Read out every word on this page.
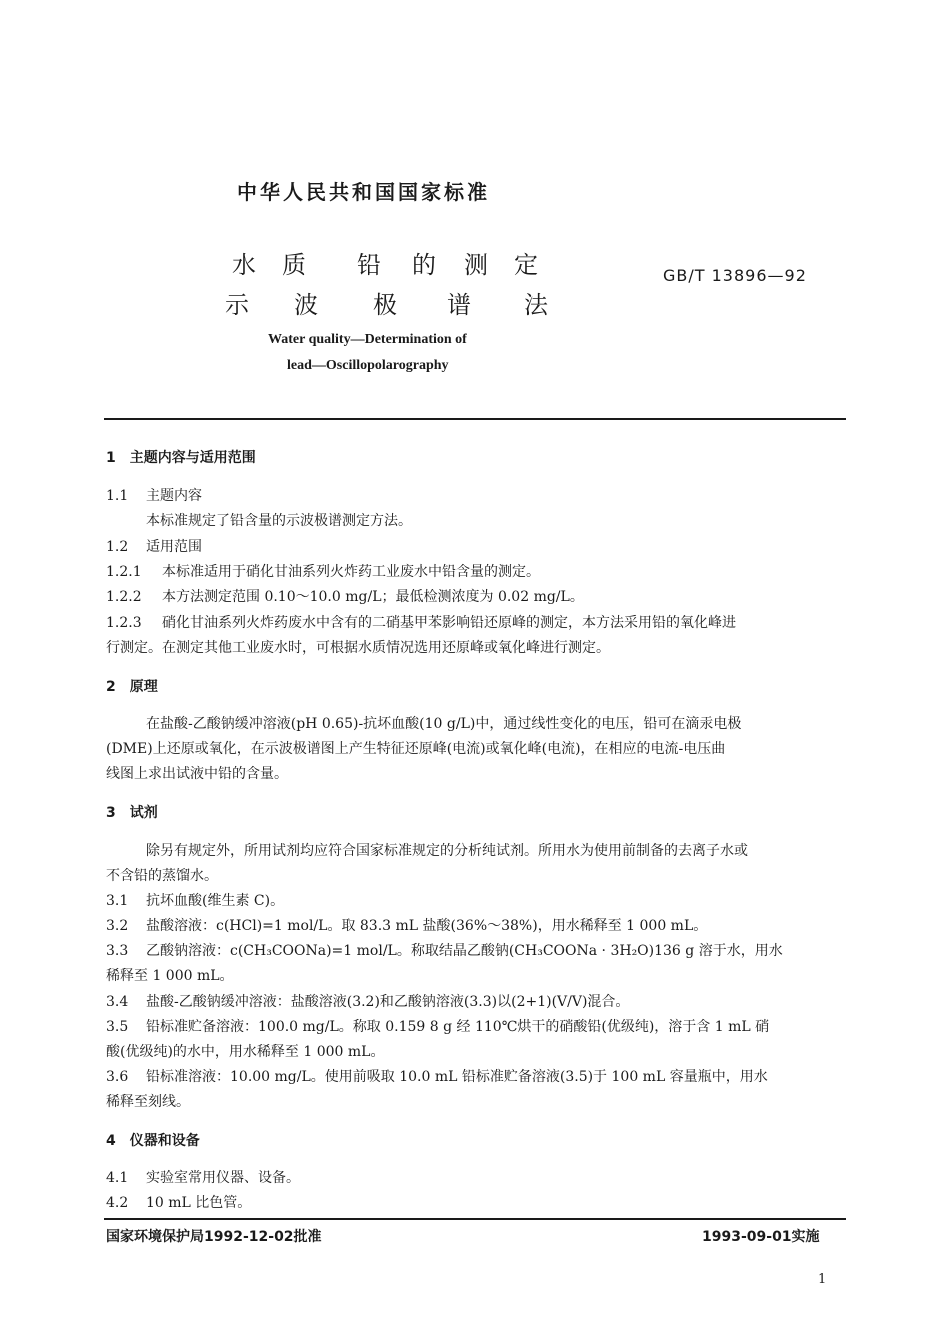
中华人民共和国国家标准
水 质 铅 的 测 定
示 波 极 谱 法
GB/T 13896—92
Water quality—Determination of
lead—Oscillopolarography
1　主题内容与适用范围
1.1 主题内容
本标准规定了铅含量的示波极谱测定方法。
1.2 适用范围
1.2.1 本标准适用于硝化甘油系列火炸药工业废水中铅含量的测定。
1.2.2 本方法测定范围 0.10～10.0 mg/L；最低检测浓度为 0.02 mg/L。
1.2.3 硝化甘油系列火炸药废水中含有的二硝基甲苯影响铅还原峰的测定，本方法采用铅的氧化峰进
行测定。在测定其他工业废水时，可根据水质情况选用还原峰或氧化峰进行测定。
2　原理
在盐酸-乙酸钠缓冲溶液(pH 0.65)-抗坏血酸(10 g/L)中，通过线性变化的电压，铅可在滴汞电极
(DME)上还原或氧化，在示波极谱图上产生特征还原峰(电流)或氧化峰(电流)，在相应的电流-电压曲
线图上求出试液中铅的含量。
3　试剂
除另有规定外，所用试剂均应符合国家标准规定的分析纯试剂。所用水为使用前制备的去离子水或
不含铅的蒸馏水。
3.1 抗坏血酸(维生素 C)。
3.2 盐酸溶液：c(HCl)=1 mol/L。取 83.3 mL 盐酸(36%～38%)，用水稀释至 1 000 mL。
3.3 乙酸钠溶液：c(CH₃COONa)=1 mol/L。称取结晶乙酸钠(CH₃COONa · 3H₂O)136 g 溶于水，用水
稀释至 1 000 mL。
3.4 盐酸-乙酸钠缓冲溶液：盐酸溶液(3.2)和乙酸钠溶液(3.3)以(2+1)(V/V)混合。
3.5 铅标准贮备溶液：100.0 mg/L。称取 0.159 8 g 经 110℃烘干的硝酸铅(优级纯)，溶于含 1 mL 硝
酸(优级纯)的水中，用水稀释至 1 000 mL。
3.6 铅标准溶液：10.00 mg/L。使用前吸取 10.0 mL 铅标准贮备溶液(3.5)于 100 mL 容量瓶中，用水
稀释至刻线。
4　仪器和设备
4.1 实验室常用仪器、设备。
4.2 10 mL 比色管。
国家环境保护局1992-12-02批准	1993-09-01实施
1
